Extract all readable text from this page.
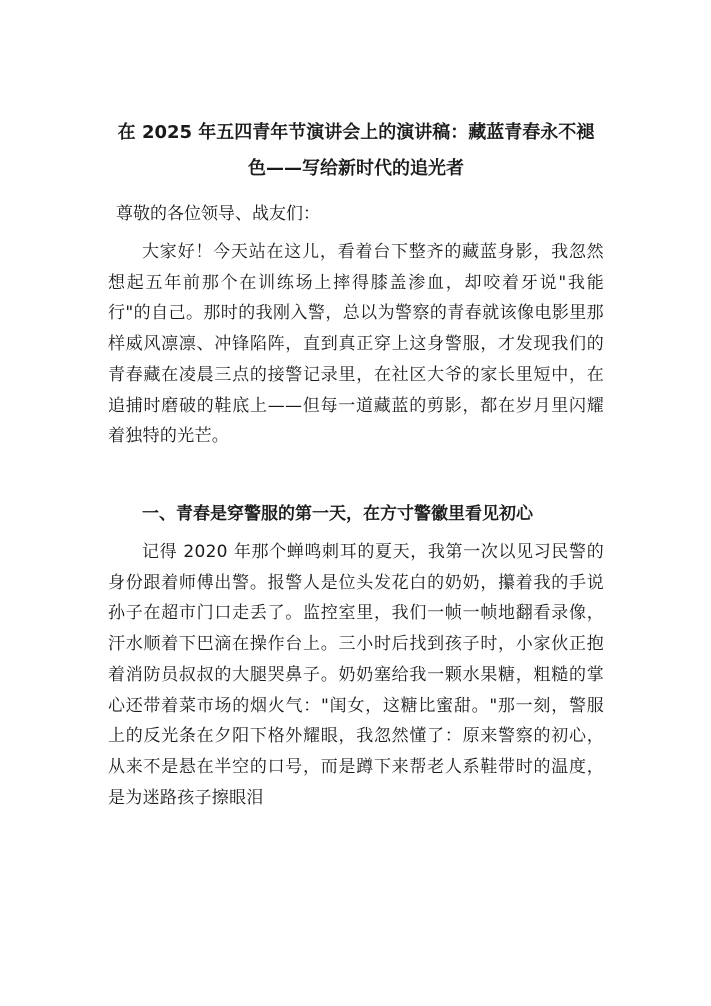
在 2025 年五四青年节演讲会上的演讲稿：藏蓝青春永不褪色——写给新时代的追光者

尊敬的各位领导、战友们：

大家好！今天站在这儿，看着台下整齐的藏蓝身影，我忽然想起五年前那个在训练场上摔得膝盖渗血，却咬着牙说"我能行"的自己。那时的我刚入警，总以为警察的青春就该像电影里那样威风凛凛、冲锋陷阵，直到真正穿上这身警服，才发现我们的青春藏在凌晨三点的接警记录里，在社区大爷的家长里短中，在追捕时磨破的鞋底上——但每一道藏蓝的剪影，都在岁月里闪耀着独特的光芒。

一、青春是穿警服的第一天，在方寸警徽里看见初心

记得 2020 年那个蝉鸣刺耳的夏天，我第一次以见习民警的身份跟着师傅出警。报警人是位头发花白的奶奶，攥着我的手说孙子在超市门口走丢了。监控室里，我们一帧一帧地翻看录像，汗水顺着下巴滴在操作台上。三小时后找到孩子时，小家伙正抱着消防员叔叔的大腿哭鼻子。奶奶塞给我一颗水果糖，粗糙的掌心还带着菜市场的烟火气："闺女，这糖比蜜甜。"那一刻，警服上的反光条在夕阳下格外耀眼，我忽然懂了：原来警察的初心，从来不是悬在半空的口号，而是蹲下来帮老人系鞋带时的温度，是为迷路孩子擦眼泪
